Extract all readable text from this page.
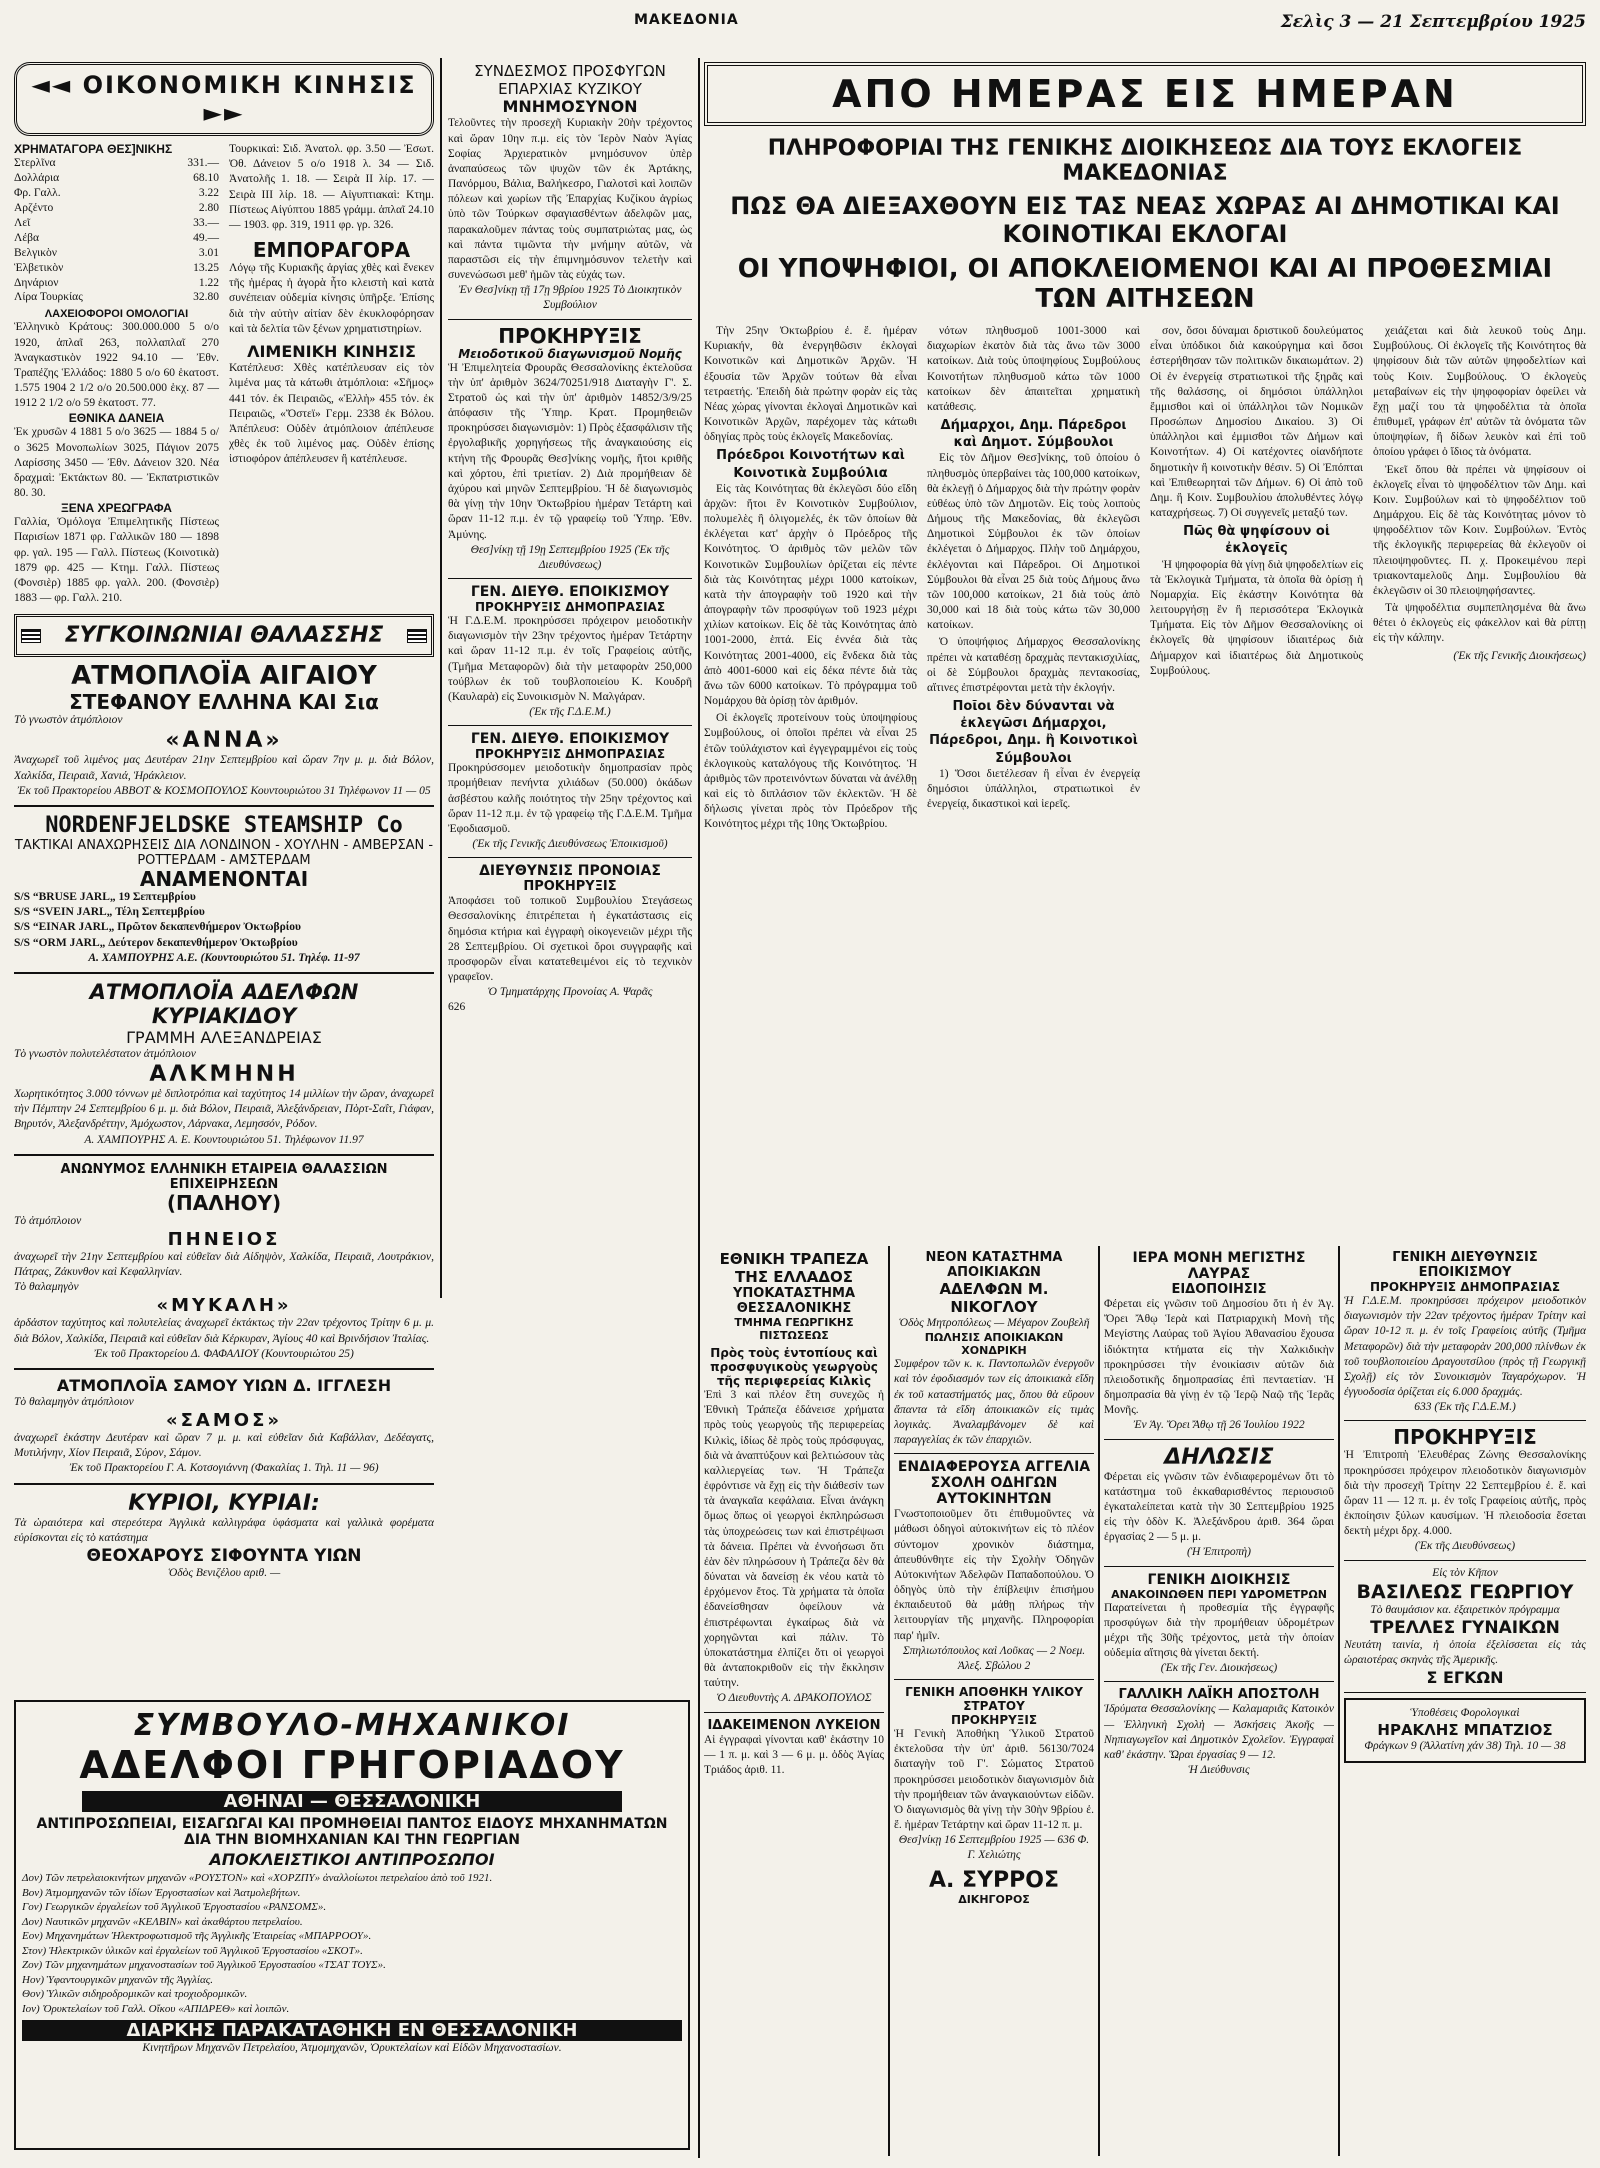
ΜΑΚΕΔΟΝΙΑ	Σελὶς 3 — 21 Σεπτεμβρίου 1925
◄◄ ΟΙΚΟΝΟΜΙΚΗ ΚΙΝΗΣΙΣ ►►
ΧΡΗΜΑΤΑΓΟΡΑ ΘΕΣ]ΝΙΚΗΣ
Στερλῖνα	331.—
Δολλάρια	68.10
Φρ. Γαλλ.	3.22
Αρζέντο	2.80
Λεῖ	33.—
Λέβα	49.—
Βελγικὸν	3.01
Ἑλβετικὸν	13.25
Δηνάριον	1.22
Λίρα Τουρκίας	32.80
ΛΑΧΕΙΟΦΟΡΟΙ ΟΜΟΛΟΓΙΑΙ
Ἑλληνικὸ Κράτους: 300.000.000 5 ο/ο 1920, ἀπλαῖ 263, πολλαπλαῖ 270 Ἀναγκαστικὸν 1922 94.10 — Ἐθν. Τραπέζης Ἑλλάδος: 1880 5 ο/ο 60 ἑκατοστ. 1.575 1904 2 1/2 ο/ο 20.500.000 ἑκχ. 87 — 1912 2 1/2 ο/ο 59 ἑκατοστ. 77.
ΕΘΝΙΚΑ ΔΑΝΕΙΑ
Ἐκ χρυσῶν 4 1881 5 ο/ο 3625 — 1884 5 ο/ο 3625 Μονοπωλίων 3025, Πάγιον 2075 Λαρίσσης 3450 — Ἐθν. Δάνειον 320. Νέα δραχμαὶ: Ἐκτάκτων 80. — Ἐκπατριστικῶν 80. 30.
ΞΕΝΑ ΧΡΕΩΓΡΑΦΑ
Γαλλία, Ὁμόλογα Ἐπιμελητικῆς Πίστεως Παρισίων 1871 φρ. Γαλλικῶν 180 — 1898 φρ. γαλ. 195 — Γαλλ. Πίστεως (Κοινοτικὰ) 1879 φρ. 425 — Κτημ. Γαλλ. Πίστεως (Φονσιὲρ) 1885 φρ. γαλλ. 200. (Φονσιὲρ) 1883 — φρ. Γαλλ. 210.
Τουρκικαὶ: Σιδ. Ἀνατολ. φρ. 3.50 — Ἐσωτ. Ὀθ. Δάνειον 5 ο/ο 1918 λ. 34 — Σιδ. Ἀνατολῆς 1. 18. — Σειρὰ II λίρ. 17. — Σειρὰ III λίρ. 18. — Αἰγυπτιακαὶ: Κτημ. Πίστεως Αἰγύπτου 1885 γράμμ. ἀπλαῖ 24.10 — 1903. φρ. 319, 1911 φρ. γρ. 326.
ΕΜΠΟΡΑΓΟΡΑ
Λόγῳ τῆς Κυριακῆς ἀργίας χθὲς καὶ ἕνεκεν τῆς ἡμέρας ἡ ἀγορὰ ἦτο κλειστὴ καὶ κατὰ συνέπειαν οὐδεμία κίνησις ὑπῆρξε. Ἐπίσης διὰ τὴν αὐτὴν αἰτίαν δὲν ἐκυκλοφόρησαν καὶ τὰ δελτία τῶν ξένων χρηματιστηρίων.
ΛΙΜΕΝΙΚΗ ΚΙΝΗΣΙΣ
Κατέπλευσ: Χθὲς κατέπλευσαν εἰς τὸν λιμένα μας τὰ κάτωθι ἀτμόπλοια: «Σῆμος» 441 τόν. ἐκ Πειραιῶς, «Ἑλλὴ» 455 τόν. ἐκ Πειραιῶς, «Ὄστεϊ» Γερμ. 2338 ἐκ Βόλου. Ἀπέπλευσ: Οὐδὲν ἀτμόπλοιον ἀπέπλευσε χθὲς ἐκ τοῦ λιμένος μας. Οὐδὲν ἐπίσης ἱστιοφόρον ἀπέπλευσεν ἢ κατέπλευσε.
ΣΥΓΚΟΙΝΩΝΙΑΙ ΘΑΛΑΣΣΗΣ
ΑΤΜΟΠΛΟΪΑ ΑΙΓΑΙΟΥ
ΣΤΕΦΑΝΟΥ ΕΛΛΗΝΑ ΚΑΙ Σια
Τὸ γνωστὸν ἀτμόπλοιον
«ΑΝΝΑ»
Ἀναχωρεῖ τοῦ λιμένος μας Δευτέραν 21ην Σεπτεμβρίου καὶ ὥραν 7ην μ. μ. διὰ Βόλον, Χαλκίδα, Πειραιᾶ, Χανιά, Ἡράκλειον.
Ἐκ τοῦ Πρακτορείου ABBOT & ΚΟΣΜΟΠΟΥΛΟΣ Κουντουριώτου 31 Τηλέφωνον 11 — 05
NORDENFJELDSKE STEAMSHIP Co
ΤΑΚΤΙΚΑΙ ΑΝΑΧΩΡΗΣΕΙΣ ΔΙΑ ΛΟΝΔΙΝΟΝ - ΧΟΥΛΗΝ - ΑΜΒΕΡΣΑΝ - ΡΟΤΤΕΡΔΑΜ - ΑΜΣΤΕΡΔΑΜ
ΑΝΑΜΕΝΟΝΤΑΙ
S/S “BRUSE JARL„ 19 Σεπτεμβρίου
S/S “SVEIN JARL„ Τέλη Σεπτεμβρίου
S/S “EINAR JARL„ Πρῶτον δεκαπενθήμερον Ὀκτωβρίου
S/S “ORM JARL„ Δεύτερον δεκαπενθήμερον Ὀκτωβρίου
Α. ΧΑΜΠΟΥΡΗΣ Α.Ε. (Κουντουριώτου 51. Τηλέφ. 11-97
ΑΤΜΟΠΛΟΪΑ ΑΔΕΛΦΩΝ ΚΥΡΙΑΚΙΔΟΥ
ΓΡΑΜΜΗ ΑΛΕΞΑΝΔΡΕΙΑΣ
Τὸ γνωστὸν πολυτελέστατον ἀτμόπλοιον
ΑΛΚΜΗΝΗ
Χωρητικότητος 3.000 τόννων μὲ διπλοτρόπια καὶ ταχύτητος 14 μιλλίων τὴν ὥραν, ἀναχωρεῖ τὴν Πέμπτην 24 Σεπτεμβρίου 6 μ. μ. διὰ Βόλον, Πειραιᾶ, Ἀλεξάνδρειαν, Πὸρτ-Σαΐτ, Γιάφαν, Βηρυτόν, Ἀλεξανδρέττην, Ἀμόχωστον, Λάρνακα, Λεμησσόν, Ρόδον.
Α. ΧΑΜΠΟΥΡΗΣ Α. Ε. Κουντουριώτου 51. Τηλέφωνον 11.97
ΑΝΩΝΥΜΟΣ ΕΛΛΗΝΙΚΗ ΕΤΑΙΡΕΙΑ ΘΑΛΑΣΣΙΩΝ ΕΠΙΧΕΙΡΗΣΕΩΝ
(ΠΑΛΗΟΥ)
Τὸ ἀτμόπλοιον
ΠΗΝΕΙΟΣ
ἀναχωρεῖ τὴν 21ην Σεπτεμβρίου καὶ εὐθεῖαν διὰ Αἰδηψὸν, Χαλκίδα, Πειραιᾶ, Λουτράκιον, Πάτρας, Ζάκυνθον καὶ Κεφαλληνίαν.
Τὸ θαλαμηγὸν
«ΜΥΚΑΛΗ»
ἀρδάστον ταχύτητος καὶ πολυτελείας ἀναχωρεῖ ἐκτάκτως τὴν 22αν τρέχοντος Τρίτην 6 μ. μ. διὰ Βόλον, Χαλκίδα, Πειραιᾶ καὶ εὐθεῖαν διὰ Κέρκυραν, Ἀγίους 40 καὶ Βρινδήσιον Ἰταλίας.
Ἐκ τοῦ Πρακτορείου Δ. ΦΑΦΑΛΙΟΥ (Κουντουριώτου 25)
ΑΤΜΟΠΛΟΪΑ ΣΑΜΟΥ ΥΙΩΝ Δ. ΙΓΓΛΕΣΗ
Τὸ θαλαμηγὸν ἀτμόπλοιον
«ΣΑΜΟΣ»
ἀναχωρεῖ ἑκάστην Δευτέραν καὶ ὥραν 7 μ. μ. καὶ εὐθεῖαν διὰ Καβάλλαν, Δεδέαγατς, Μυτιλήνην, Χίον Πειραιᾶ, Σύρον, Σάμον.
Ἐκ τοῦ Πρακτορείου Γ. Α. Κοτσογιάννη (Φακαλίας 1. Τηλ. 11 — 96)
ΚΥΡΙΟΙ, ΚΥΡΙΑΙ:
Τὰ ὡραιότερα καὶ στερεότερα Ἀγγλικὰ καλλιγράφα ὑφάσματα καὶ γαλλικὰ φορέματα εὐρίσκονται εἰς τὸ κατάστημα
ΘΕΟΧΑΡΟΥΣ ΣΙΦΟΥΝΤΑ ΥΙΩΝ
Ὁδὸς Βενιζέλου αριθ. —
ΣΥΝΔΕΣΜΟΣ ΠΡΟΣΦΥΓΩΝ ΕΠΑΡΧΙΑΣ ΚΥΖΙΚΟΥ
ΜΝΗΜΟΣΥΝΟΝ
Τελοῦντες τὴν προσεχῆ Κυριακὴν 20ὴν τρέχοντος καὶ ὥραν 10ην π.μ. εἰς τὸν Ἱερὸν Ναὸν Ἁγίας Σοφίας Ἀρχιερατικὸν μνημόσυνον ὑπὲρ ἀναπαύσεως τῶν ψυχῶν τῶν ἐκ Ἀρτάκης, Πανόρμου, Βάλια, Βαλήκεσρο, Γιαλοτσὶ καὶ λοιπῶν πόλεων καὶ χωρίων τῆς Ἐπαρχίας Κυζίκου ἀγρίως ὑπὸ τῶν Τούρκων σφαγιασθέντων ἀδελφῶν μας, παρακαλοῦμεν πάντας τοὺς συμπατριώτας μας, ὡς καὶ πάντα τιμῶντα τὴν μνήμην αὐτῶν, νὰ παραστῶσι εἰς τὴν ἐπιμνημόσυνον τελετὴν καὶ συνενώσωσι μεθ' ἡμῶν τὰς εὐχάς των.
Ἐν Θεσ]νίκῃ τῇ 17ῃ 9βρίου 1925 Τὸ Διοικητικὸν Συμβούλιον
ΠΡΟΚΗΡΥΞΙΣ
Μειοδοτικοῦ διαγωνισμοῦ Νομῆς
Ἡ Ἐπιμελητεία Φρουρᾶς Θεσσαλονίκης ἐκτελοῦσα τὴν ὑπ' ἀριθμὸν 3624/70251/918 Διαταγὴν Γ'. Σ. Στρατοῦ ὡς καὶ τὴν ὑπ' ἀριθμὸν 14852/3/9/25 ἀπόφασιν τῆς Ὑπηρ. Κρατ. Προμηθειῶν προκηρύσσει διαγωνισμὸν: 1) Πρὸς ἐξασφάλισιν τῆς ἐργολαβικῆς χορηγήσεως τῆς ἀναγκαιούσης εἰς κτήνη τῆς Φρουρᾶς Θεσ]νίκης νομῆς, ἤτοι κριθῆς καὶ χόρτου, ἐπὶ τριετίαν. 2) Διὰ προμήθειαν δὲ ἀχύρου καὶ μηνῶν Σεπτεμβρίου. Ἡ δὲ διαγωνισμὸς θὰ γίνῃ τὴν 10ην Ὀκτωβρίου ἡμέραν Τετάρτη καὶ ὥραν 11-12 π.μ. ἐν τῷ γραφείῳ τοῦ Ὑπηρ. Ἐθν. Ἀμύνης.
Θεσ]νίκῃ τῇ 19ῃ Σεπτεμβρίου 1925 (Ἐκ τῆς Διευθύνσεως)
ΓΕΝ. ΔΙΕΥΘ. ΕΠΟΙΚΙΣΜΟΥ
ΠΡΟΚΗΡΥΞΙΣ ΔΗΜΟΠΡΑΣΙΑΣ
Ἡ Γ.Δ.Ε.Μ. προκηρύσσει πρόχειρον μειοδοτικὴν διαγωνισμὸν τὴν 23ην τρέχοντος ἡμέραν Τετάρτην καὶ ὥραν 11-12 π.μ. ἐν τοῖς Γραφείοις αὐτῆς, (Τμῆμα Μεταφορῶν) διὰ τὴν μεταφορὰν 250,000 τούβλων ἐκ τοῦ τουβλοποιείου Κ. Κουδρῆ (Καυλαρὰ) εἰς Συνοικισμὸν Ν. Μαλγάραν.
(Ἐκ τῆς Γ.Δ.Ε.Μ.)
ΓΕΝ. ΔΙΕΥΘ. ΕΠΟΙΚΙΣΜΟΥ
ΠΡΟΚΗΡΥΞΙΣ ΔΗΜΟΠΡΑΣΙΑΣ
Προκηρύσσομεν μειοδοτικὴν δημοπρασίαν πρὸς προμήθειαν πενήντα χιλιάδων (50.000) ὀκάδων ἀσβέστου καλῆς ποιότητος τὴν 25ην τρέχοντος καὶ ὥραν 11-12 π.μ. ἐν τῷ γραφείῳ τῆς Γ.Δ.Ε.Μ. Τμῆμα Ἐφοδιασμοῦ.
(Ἐκ τῆς Γενικῆς Διευθύνσεως Ἐποικισμοῦ)
ΔΙΕΥΘΥΝΣΙΣ ΠΡΟΝΟΙΑΣ
ΠΡΟΚΗΡΥΞΙΣ
Ἀποφάσει τοῦ τοπικοῦ Συμβουλίου Στεγάσεως Θεσσαλονίκης ἐπιτρέπεται ἡ ἐγκατάστασις εἰς δημόσια κτήρια καὶ ἐγγραφὴ οἰκογενειῶν μέχρι τῆς 28 Σεπτεμβρίου. Οἱ σχετικοὶ ὅροι συγγραφῆς καὶ προσφορῶν εἶναι κατατεθειμένοι εἰς τὸ τεχνικὸν γραφεῖον.
Ὁ Τμηματάρχης Προνοίας Α. Ψαρᾶς
626
ΑΠΟ ΗΜΕΡΑΣ ΕΙΣ ΗΜΕΡΑΝ
ΠΛΗΡΟΦΟΡΙΑΙ ΤΗΣ ΓΕΝΙΚΗΣ ΔΙΟΙΚΗΣΕΩΣ ΔΙΑ ΤΟΥΣ ΕΚΛΟΓΕΙΣ ΜΑΚΕΔΟΝΙΑΣ
ΠΩΣ ΘΑ ΔΙΕΞΑΧΘΟΥΝ ΕΙΣ ΤΑΣ ΝΕΑΣ ΧΩΡΑΣ ΑΙ ΔΗΜΟΤΙΚΑΙ ΚΑΙ ΚΟΙΝΟΤΙΚΑΙ ΕΚΛΟΓΑΙ
ΟΙ ΥΠΟΨΗΦΙΟΙ, ΟΙ ΑΠΟΚΛΕΙΟΜΕΝΟΙ ΚΑΙ ΑΙ ΠΡΟΘΕΣΜΙΑΙ ΤΩΝ ΑΙΤΗΣΕΩΝ

Τὴν 25ην Ὀκτωβρίου ἐ. ἔ. ἡμέραν Κυριακήν, θὰ ἐνεργηθῶσιν ἐκλογαὶ Κοινοτικῶν καὶ Δημοτικῶν Ἀρχῶν. Ἡ ἐξουσία τῶν Ἀρχῶν τούτων θὰ εἶναι τετραετής. Ἐπειδὴ διὰ πρώτην φορὰν εἰς τὰς Νέας χώρας γίνονται ἐκλογαὶ Δημοτικῶν καὶ Κοινοτικῶν Ἀρχῶν, παρέχομεν τὰς κάτωθι ὁδηγίας πρὸς τοὺς ἐκλογεῖς Μακεδονίας.

Πρόεδροι Κοινοτήτων καὶ Κοινοτικὰ Συμβούλια

Εἰς τὰς Κοινότητας θὰ ἐκλεγῶσι δύο εἴδη ἀρχῶν: ἤτοι ἓν Κοινοτικὸν Συμβούλιον, πολυμελὲς ἢ ὀλιγομελές, ἐκ τῶν ὁποίων θὰ ἐκλέγεται κατ' ἀρχὴν ὁ Πρόεδρος τῆς Κοινότητος. Ὁ ἀριθμὸς τῶν μελῶν τῶν Κοινοτικῶν Συμβουλίων ὁρίζεται εἰς πέντε διὰ τὰς Κοινότητας μέχρι 1000 κατοίκων, κατὰ τὴν ἀπογραφὴν τοῦ 1920 καὶ τὴν ἀπογραφὴν τῶν προσφύγων τοῦ 1923 μέχρι χιλίων κατοίκων. Εἰς δὲ τὰς Κοινότητας ἀπὸ 1001-2000, ἑπτά. Εἰς ἐννέα διὰ τὰς Κοινότητας 2001-4000, εἰς ἕνδεκα διὰ τὰς ἀπὸ 4001-6000 καὶ εἰς δέκα πέντε διὰ τὰς ἄνω τῶν 6000 κατοίκων. Τὸ πρόγραμμα τοῦ Νομάρχου θὰ ὁρίσῃ τὸν ἀριθμόν.

Οἱ ἐκλογεῖς προτείνουν τοὺς ὑποψηφίους Συμβούλους, οἱ ὁποῖοι πρέπει νὰ εἶναι 25 ἐτῶν τοὐλάχιστον καὶ ἐγγεγραμμένοι εἰς τοὺς ἐκλογικοὺς καταλόγους τῆς Κοινότητος. Ἡ ἀριθμὸς τῶν προτεινόντων δύναται νὰ ἀνέλθῃ καὶ εἰς τὸ διπλάσιον τῶν ἐκλεκτῶν. Ἡ δὲ δήλωσις γίνεται πρὸς τὸν Πρόεδρον τῆς Κοινότητος μέχρι τῆς 10ης Ὀκτωβρίου.

νότων πληθυσμοῦ 1001-3000 καὶ διαχωρίων ἑκατὸν διὰ τὰς ἄνω τῶν 3000 κατοίκων. Διὰ τοὺς ὑποψηφίους Συμβούλους Κοινοτήτων πληθυσμοῦ κάτω τῶν 1000 κατοίκων δὲν ἀπαιτεῖται χρηματικὴ κατάθεσις.

Δήμαρχοι, Δημ. Πάρεδροι καὶ Δημοτ. Σύμβουλοι

Εἰς τὸν Δῆμον Θεσ]νίκης, τοῦ ὁποίου ὁ πληθυσμὸς ὑπερβαίνει τὰς 100,000 κατοίκων, θὰ ἐκλεγῇ ὁ Δήμαρχος διὰ τὴν πρώτην φορὰν εὐθέως ὑπὸ τῶν Δημοτῶν. Εἰς τοὺς λοιποὺς Δήμους τῆς Μακεδονίας, θὰ ἐκλεγῶσι Δημοτικοὶ Σύμβουλοι ἐκ τῶν ὁποίων ἐκλέγεται ὁ Δήμαρχος. Πλὴν τοῦ Δημάρχου, ἐκλέγονται καὶ Πάρεδροι. Οἱ Δημοτικοὶ Σύμβουλοι θὰ εἶναι 25 διὰ τοὺς Δήμους ἄνω τῶν 100,000 κατοίκων, 21 διὰ τοὺς ἀπὸ 30,000 καὶ 18 διὰ τοὺς κάτω τῶν 30,000 κατοίκων.

Ὁ ὑποψήφιος Δήμαρχος Θεσσαλονίκης πρέπει νὰ καταθέσῃ δραχμὰς πεντακισχιλίας, οἱ δὲ Σύμβουλοι δραχμὰς πεντακοσίας, αἵτινες ἐπιστρέφονται μετὰ τὴν ἐκλογήν.

Ποῖοι δὲν δύνανται νὰ ἐκλεγῶσι Δήμαρχοι, Πάρεδροι, Δημ. ἢ Κοινοτικοὶ Σύμβουλοι

1) Ὅσοι διετέλεσαν ἢ εἶναι ἐν ἐνεργείᾳ δημόσιοι ὑπάλληλοι, στρατιωτικοὶ ἐν ἐνεργείᾳ, δικαστικοὶ καὶ ἱερεῖς.

σον, ὅσοι δύναμαι δριστικοῦ δουλεύματος εἶναι ὑπόδικοι διὰ κακούργημα καὶ ὅσοι ἐστερήθησαν τῶν πολιτικῶν δικαιωμάτων. 2) Οἱ ἐν ἐνεργείᾳ στρατιωτικοὶ τῆς ξηρᾶς καὶ τῆς θαλάσσης, οἱ δημόσιοι ὑπάλληλοι ἔμμισθοι καὶ οἱ ὑπάλληλοι τῶν Νομικῶν Προσώπων Δημοσίου Δικαίου. 3) Οἱ ὑπάλληλοι καὶ ἐμμισθοι τῶν Δήμων καὶ Κοινοτήτων. 4) Οἱ κατέχοντες οἰανδήποτε δημοτικὴν ἢ κοινοτικὴν θέσιν. 5) Οἱ Ἐπόπται καὶ Ἐπιθεωρηταὶ τῶν Δήμων. 6) Οἱ ἀπὸ τοῦ Δημ. ἢ Κοιν. Συμβουλίου ἀπολυθέντες λόγῳ καταχρήσεως. 7) Οἱ συγγενεῖς μεταξύ των.

Πῶς θὰ ψηφίσουν οἱ ἐκλογεῖς

Ἡ ψηφοφορία θὰ γίνῃ διὰ ψηφοδελτίων εἰς τὰ Ἐκλογικὰ Τμήματα, τὰ ὁποῖα θὰ ὁρίσῃ ἡ Νομαρχία. Εἰς ἑκάστην Κοινότητα θὰ λειτουργήσῃ ἓν ἢ περισσότερα Ἐκλογικὰ Τμήματα. Εἰς τὸν Δῆμον Θεσσαλονίκης οἱ ἐκλογεῖς θὰ ψηφίσουν ἰδιαιτέρως διὰ Δήμαρχον καὶ ἰδιαιτέρως διὰ Δημοτικοὺς Συμβούλους.

χειάζεται καὶ διὰ λευκοῦ τοὺς Δημ. Συμβούλους. Οἱ ἐκλογεῖς τῆς Κοινότητος θὰ ψηφίσουν διὰ τῶν αὐτῶν ψηφοδελτίων καὶ τοὺς Κοιν. Συμβούλους. Ὁ ἐκλογεὺς μεταβαίνων εἰς τὴν ψηφοφορίαν ὀφείλει νὰ ἔχῃ μαζί του τὰ ψηφοδέλτια τὰ ὁποῖα ἐπιθυμεῖ, γράφων ἐπ' αὐτῶν τὰ ὀνόματα τῶν ὑποψηφίων, ἢ δίδων λευκὸν καὶ ἐπὶ τοῦ ὁποίου γράφει ὁ ἴδιος τὰ ὀνόματα.

Ἐκεῖ ὅπου θὰ πρέπει νὰ ψηφίσουν οἱ ἐκλογεῖς εἶναι τὸ ψηφοδέλτιον τῶν Δημ. καὶ Κοιν. Συμβούλων καὶ τὸ ψηφοδέλτιον τοῦ Δημάρχου. Εἰς δὲ τὰς Κοινότητας μόνον τὸ ψηφοδέλτιον τῶν Κοιν. Συμβούλων. Ἐντὸς τῆς ἐκλογικῆς περιφερείας θὰ ἐκλεγοῦν οἱ πλειοψηφοῦντες. Π. χ. Προκειμένου περὶ τριακονταμελοῦς Δημ. Συμβουλίου θὰ ἐκλεγῶσιν οἱ 30 πλειοψηφήσαντες.

Τὰ ψηφοδέλτια συμπεπλησμένα θὰ ἄνω θέτει ὁ ἐκλογεὺς εἰς φάκελλον καὶ θὰ ρίπτῃ εἰς τὴν κάλπην.

(Ἐκ τῆς Γενικῆς Διοικήσεως)
ΕΘΝΙΚΗ ΤΡΑΠΕΖΑ ΤΗΣ ΕΛΛΑΔΟΣ
ΥΠΟΚΑΤΑΣΤΗΜΑ ΘΕΣΣΑΛΟΝΙΚΗΣ
ΤΜΗΜΑ ΓΕΩΡΓΙΚΗΣ ΠΙΣΤΩΣΕΩΣ
Πρὸς τοὺς ἐντοπίους καὶ προσφυγικοὺς γεωργοὺς τῆς περιφερείας Κιλκὶς
Ἐπὶ 3 καὶ πλέον ἔτη συνεχῶς ἡ Ἐθνικὴ Τράπεζα ἐδάνεισε χρήματα πρὸς τοὺς γεωργοὺς τῆς περιφερείας Κιλκὶς, ἰδίως δὲ πρὸς τοὺς πρόσφυγας, διὰ νὰ ἀναπτύξουν καὶ βελτιώσουν τὰς καλλιεργείας των. Ἡ Τράπεζα ἐφρόντισε νὰ ἔχῃ εἰς τὴν διάθεσίν των τὰ ἀναγκαῖα κεφάλαια. Εἶναι ἀνάγκη ὅμως ὅπως οἱ γεωργοὶ ἐκπληρώσωσι τὰς ὑποχρεώσεις των καὶ ἐπιστρέψωσι τὰ δάνεια. Πρέπει νὰ ἐννοήσωσι ὅτι ἐὰν δὲν πληρώσουν ἡ Τράπεζα δὲν θὰ δύναται νὰ δανείσῃ ἐκ νέου κατὰ τὸ ἐρχόμενον ἔτος. Τὰ χρήματα τὰ ὁποῖα ἐδανείσθησαν ὀφείλουν νὰ ἐπιστρέφωνται ἐγκαίρως διὰ νὰ χορηγῶνται καὶ πάλιν. Τὸ ὑποκατάστημα ἐλπίζει ὅτι οἱ γεωργοὶ θὰ ἀνταποκριθοῦν εἰς τὴν ἔκκλησιν ταύτην.
Ὁ Διευθυντὴς Α. ΔΡΑΚΟΠΟΥΛΟΣ
ΙΔΑΚΕΙΜΕΝΟΝ ΛΥΚΕΙΟΝ
Αἱ ἐγγραφαὶ γίνονται καθ' ἑκάστην 10 — 1 π. μ. καὶ 3 — 6 μ. μ. ὁδὸς Ἁγίας Τριάδος ἀριθ. 11.
ΝΕΟΝ ΚΑΤΑΣΤΗΜΑ ΑΠΟΙΚΙΑΚΩΝ
ΑΔΕΛΦΩΝ Μ. ΝΙΚΟΓΛΟΥ
Ὁδὸς Μητροπόλεως — Μέγαρον Ζουβελῆ
ΠΩΛΗΣΙΣ ΑΠΟΙΚΙΑΚΩΝ ΧΟΝΔΡΙΚΗ
Συμφέρον τῶν κ. κ. Παντοπωλῶν ἐνεργοῦν καὶ τὸν ἐφοδιασμόν των εἰς ἀποικιακὰ εἴδη ἐκ τοῦ καταστήματός μας, ὅπου θὰ εὕρουν ἅπαντα τὰ εἴδη ἀποικιακῶν εἰς τιμὰς λογικὰς. Ἀναλαμβάνομεν δὲ καὶ παραγγελίας ἐκ τῶν ἐπαρχιῶν.
ΕΝΔΙΑΦΕΡΟΥΣΑ ΑΓΓΕΛΙΑ
ΣΧΟΛΗ ΟΔΗΓΩΝ ΑΥΤΟΚΙΝΗΤΩΝ
Γνωστοποιοῦμεν ὅτι ἐπιθυμοῦντες νὰ μάθωσι ὁδηγοὶ αὐτοκινήτων εἰς τὸ πλέον σύντομον χρονικὸν διάστημα, ἀπευθύνθητε εἰς τὴν Σχολὴν Ὁδηγῶν Αὐτοκινήτων Ἀδελφῶν Παπαδοπούλου. Ὁ ὁδηγὸς ὑπὸ τὴν ἐπίβλεψιν ἐπισήμου ἐκπαιδευτοῦ θὰ μάθῃ πλήρως τὴν λειτουργίαν τῆς μηχανῆς. Πληροφορίαι παρ' ἡμῖν.
Σπηλιωτόπουλος καὶ Λοῦκας — 2 Νοεμ. Ἀλεξ. Σβώλου 2
ΓΕΝΙΚΗ ΑΠΟΘΗΚΗ ΥΛΙΚΟΥ ΣΤΡΑΤΟΥ
ΠΡΟΚΗΡΥΞΙΣ
Ἡ Γενικὴ Ἀποθήκη Ὑλικοῦ Στρατοῦ ἐκτελοῦσα τὴν ὑπ' ἀριθ. 56130/7024 διαταγὴν τοῦ Γ'. Σώματος Στρατοῦ προκηρύσσει μειοδοτικὸν διαγωνισμὸν διὰ τὴν προμήθειαν τῶν ἀναγκαιούντων εἰδῶν. Ὁ διαγωνισμὸς θὰ γίνῃ τὴν 30ὴν 9βρίου ἐ. ἔ. ἡμέραν Τετάρτην καὶ ὥραν 11-12 π. μ.
Θεσ]νίκῃ 16 Σεπτεμβρίου 1925 — 636 Φ. Γ. Χελιώτης
Α. ΣΥΡΡΟΣ
ΔΙΚΗΓΟΡΟΣ
ΙΕΡΑ ΜΟΝΗ ΜΕΓΙΣΤΗΣ ΛΑΥΡΑΣ
ΕΙΔΟΠΟΙΗΣΙΣ
Φέρεται εἰς γνῶσιν τοῦ Δημοσίου ὅτι ἡ ἐν Ἁγ. Ὄρει Ἄθῳ Ἱερὰ καὶ Πατριαρχικὴ Μονὴ τῆς Μεγίστης Λαύρας τοῦ Ἁγίου Ἀθανασίου ἔχουσα ἰδιόκτητα κτήματα εἰς τὴν Χαλκιδικὴν προκηρύσσει τὴν ἐνοικίασιν αὐτῶν διὰ πλειοδοτικῆς δημοπρασίας ἐπὶ πενταετίαν. Ἡ δημοπρασία θὰ γίνῃ ἐν τῷ Ἱερῷ Ναῷ τῆς Ἱερᾶς Μονῆς.
Ἐν Ἁγ. Ὄρει Ἄθῳ τῇ 26 Ἰουλίου 1922
ΔΗΛΩΣΙΣ
Φέρεται εἰς γνῶσιν τῶν ἐνδιαφερομένων ὅτι τὸ κατάστημα τοῦ ἐκκαθαρισθέντος περιουσιοῦ ἐγκαταλείπεται κατὰ τὴν 30 Σεπτεμβρίου 1925 εἰς τὴν ὁδὸν Κ. Ἀλεξάνδρου ἀριθ. 364 ὥραι ἐργασίας 2 — 5 μ. μ.
(Ἡ Ἐπιτροπὴ)
ΓΕΝΙΚΗ ΔΙΟΙΚΗΣΙΣ
ΑΝΑΚΟΙΝΩΘΕΝ ΠΕΡΙ ΥΔΡΟΜΕΤΡΩΝ
Παρατείνεται ἡ προθεσμία τῆς ἐγγραφῆς προσφύγων διὰ τὴν προμήθειαν ὑδρομέτρων μέχρι τῆς 30ῆς τρέχοντος, μετὰ τὴν ὁποίαν οὐδεμία αἴτησις θὰ γίνεται δεκτή.
(Ἐκ τῆς Γεν. Διοικήσεως)
ΓΑΛΛΙΚΗ ΛΑΪΚΗ ΑΠΟΣΤΟΛΗ
Ἱδρύματα Θεσσαλονίκης — Καλαμαριᾶς Κατοικὸν — Ἑλληνικὴ Σχολὴ — Ἀσκήσεις Ἀκοῆς — Νηπιαγωγεῖον καὶ Δημοτικὸν Σχολεῖον. Ἐγγραφαὶ καθ' ἑκάστην. Ὥραι ἐργασίας 9 — 12.
Ἡ Διεύθυνσις
ΓΕΝΙΚΗ ΔΙΕΥΘΥΝΣΙΣ ΕΠΟΙΚΙΣΜΟΥ
ΠΡΟΚΗΡΥΞΙΣ ΔΗΜΟΠΡΑΣΙΑΣ
Ἡ Γ.Δ.Ε.Μ. προκηρύσσει πρόχειρον μειοδοτικὸν διαγωνισμὸν τὴν 22αν τρέχοντος ἡμέραν Τρίτην καὶ ὥραν 10-12 π. μ. ἐν τοῖς Γραφείοις αὐτῆς (Τμῆμα Μεταφορῶν) διὰ τὴν μεταφορὰν 200,000 πλίνθων ἐκ τοῦ τουβλοποιείου Δραγουτσίλου (πρὸς τῇ Γεωργικῇ Σχολῇ) εἰς τὸν Συνοικισμὸν Ταγαρόχωρον. Ἡ ἐγγυοδοσία ὁρίζεται εἰς 6.000 δραχμάς.
633 (Ἐκ τῆς Γ.Δ.Ε.Μ.)
ΠΡΟΚΗΡΥΞΙΣ
Ἡ Ἐπιτροπὴ Ἐλευθέρας Ζώνης Θεσσαλονίκης προκηρύσσει πρόχειρον πλειοδοτικὸν διαγωνισμὸν διὰ τὴν προσεχῆ Τρίτην 22 Σεπτεμβρίου ἐ. ἔ. καὶ ὥραν 11 — 12 π. μ. ἐν τοῖς Γραφείοις αὐτῆς, πρὸς ἐκποίησιν ξύλων καυσίμων. Ἡ πλειοδοσία ἔσεται δεκτὴ μέχρι δρχ. 4.000.
(Ἐκ τῆς Διευθύνσεως)
Εἰς τὸν Κῆπον
ΒΑΣΙΛΕΩΣ ΓΕΩΡΓΙΟΥ
Τὸ θαυμάσιον κα. ἐξαιρετικὸν πρόγραμμα
ΤΡΕΛΛΕΣ ΓΥΝΑΙΚΩΝ
Νευτάτη ταινία, ἡ ὁποία ἐξελίσσεται εἰς τὰς ὡραιοτέρας σκηνὰς τῆς Ἀμερικῆς.
Σ ΕΓΚΩΝ
Ὑποθέσεις Φορολογικαὶ
ΗΡΑΚΛΗΣ ΜΠΑΤΖΙΟΣ
Φράγκων 9 (Ἀλλατίνη χάν 38) Τηλ. 10 — 38
ΣΥΜΒΟΥΛΟ-ΜΗΧΑΝΙΚΟΙ
ΑΔΕΛΦΟΙ ΓΡΗΓΟΡΙΑΔΟΥ
ΑΘΗΝΑΙ — ΘΕΣΣΑΛΟΝΙΚΗ
ΑΝΤΙΠΡΟΣΩΠΕΙΑΙ, ΕΙΣΑΓΩΓΑΙ ΚΑΙ ΠΡΟΜΗΘΕΙΑΙ ΠΑΝΤΟΣ ΕΙΔΟΥΣ ΜΗΧΑΝΗΜΑΤΩΝ ΔΙΑ ΤΗΝ ΒΙΟΜΗΧΑΝΙΑΝ ΚΑΙ ΤΗΝ ΓΕΩΡΓΙΑΝ
ΑΠΟΚΛΕΙΣΤΙΚΟΙ ΑΝΤΙΠΡΟΣΩΠΟΙ
Δον) Τῶν πετρελαιοκινήτων μηχανῶν «ΡΟΥΣΤΟΝ» καὶ «ΧΟΡΖΠΥ» ἀναλλοίωτοι πετρελαίου ἀπὸ τοῦ 1921.
Βον) Ἀτμομηχανῶν τῶν ἰδίων Ἐργοστασίων καὶ Ἀατμολεβήτων.
Γον) Γεωργικῶν ἐργαλείων τοῦ Ἀγγλικοῦ Ἐργοστασίου «ΡΑΝΣΟΜΣ».
Δον) Ναυτικῶν μηχανῶν «ΚΕΛΒΙΝ» καὶ ἀκαθάρτου πετρελαίου.
Εον) Μηχανημάτων Ἠλεκτροφωτισμοῦ τῆς Ἀγγλικῆς Ἑταιρείας «ΜΠΑΡΡΟΟΥ».
Στον) Ἠλεκτρικῶν ὑλικῶν καὶ ἐργαλείων τοῦ Ἀγγλικοῦ Ἐργοστασίου «ΣΚΟΤ».
Ζον) Τῶν μηχανημάτων μηχανοστασίων τοῦ Ἀγγλικοῦ Ἐργοστασίου «ΤΣΑΤ ΤΟΥΣ».
Ηον) Ὑφαντουργικῶν μηχανῶν τῆς Ἀγγλίας.
Θον) Ὑλικῶν σιδηροδρομικῶν καὶ τροχιοδρομικῶν.
Ιον) Ὀρυκτελαίων τοῦ Γαλλ. Οἴκου «ΑΠΙΔΡΕΘ» καὶ λοιπῶν.
ΔΙΑΡΚΗΣ ΠΑΡΑΚΑΤΑΘΗΚΗ ΕΝ ΘΕΣΣΑΛΟΝΙΚΗ
Κινητῆρων Μηχανῶν Πετρελαίου, Ἀτμομηχανῶν, Ὀρυκτελαίων καὶ Εἰδῶν Μηχανοστασίων.
